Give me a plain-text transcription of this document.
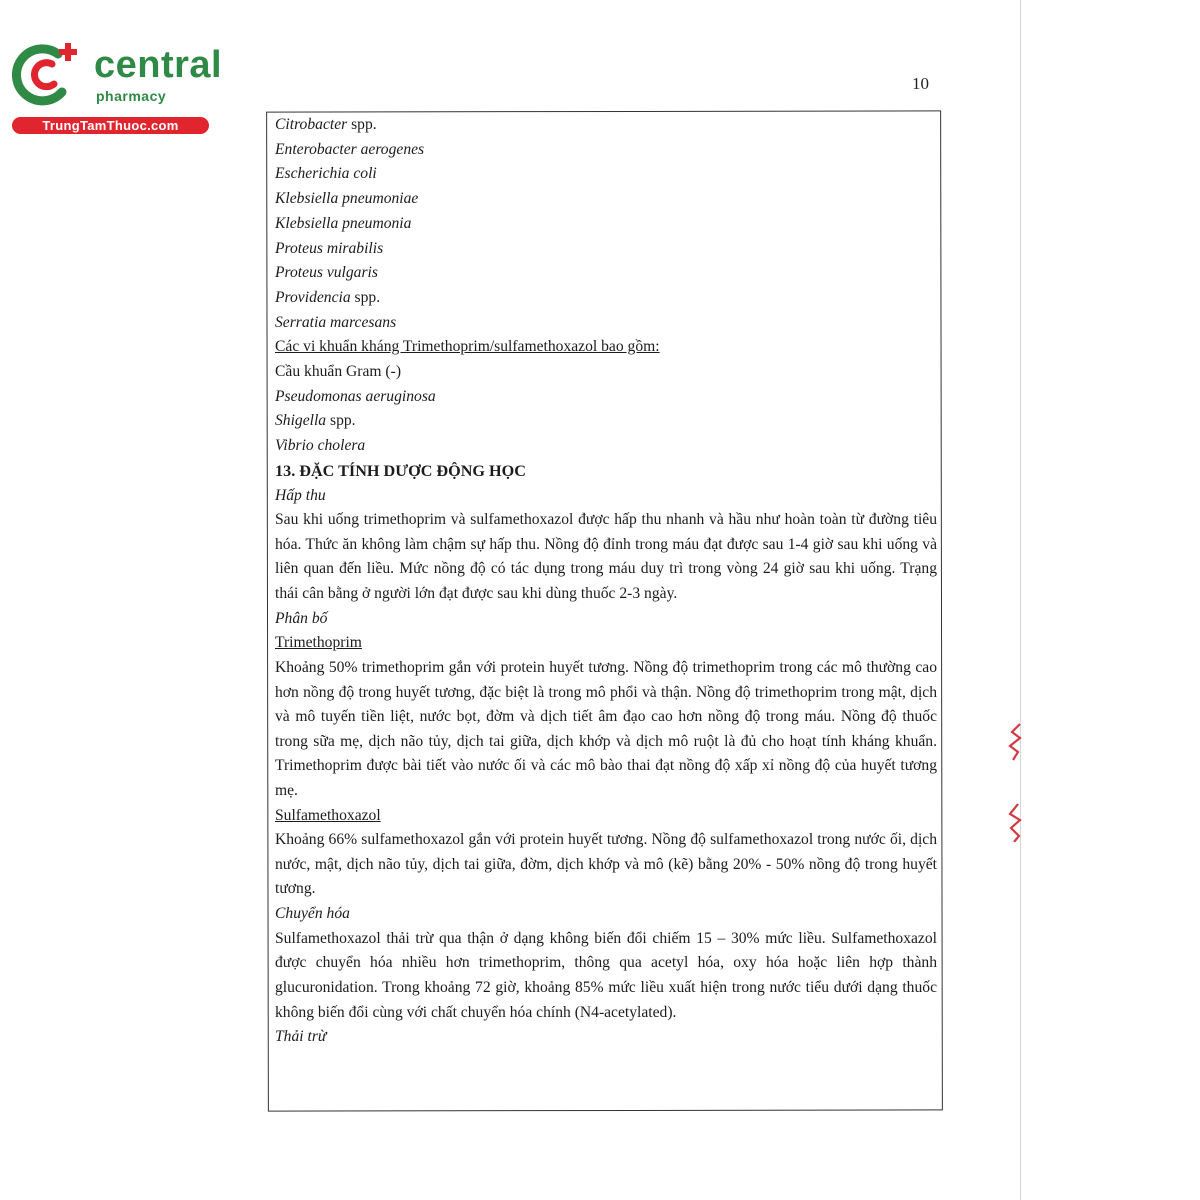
central
pharmacy
TrungTamThuoc.com
10
Citrobacter spp.
Enterobacter aerogenes
Escherichia coli
Klebsiella pneumoniae
Klebsiella pneumonia
Proteus mirabilis
Proteus vulgaris
Providencia spp.
Serratia marcesans
Các vi khuẩn kháng Trimethoprim/sulfamethoxazol bao gồm:
Cầu khuẩn Gram (-)
Pseudomonas aeruginosa
Shigella spp.
Vibrio cholera
13. ĐẶC TÍNH DƯỢC ĐỘNG HỌC
Hấp thu
Sau khi uống trimethoprim và sulfamethoxazol được hấp thu nhanh và hầu như hoàn toàn từ đường tiêu hóa. Thức ăn không làm chậm sự hấp thu. Nồng độ đỉnh trong máu đạt được sau 1-4 giờ sau khi uống và liên quan đến liều. Mức nồng độ có tác dụng trong máu duy trì trong vòng 24 giờ sau khi uống. Trạng thái cân bằng ở người lớn đạt được sau khi dùng thuốc 2-3 ngày.
Phân bố
Trimethoprim
Khoảng 50% trimethoprim gắn với protein huyết tương. Nồng độ trimethoprim trong các mô thường cao hơn nồng độ trong huyết tương, đặc biệt là trong mô phổi và thận. Nồng độ trimethoprim trong mật, dịch và mô tuyến tiền liệt, nước bọt, đờm và dịch tiết âm đạo cao hơn nồng độ trong máu. Nồng độ thuốc trong sữa mẹ, dịch não tủy, dịch tai giữa, dịch khớp và dịch mô ruột là đủ cho hoạt tính kháng khuẩn. Trimethoprim được bài tiết vào nước ối và các mô bào thai đạt nồng độ xấp xỉ nồng độ của huyết tương mẹ.
Sulfamethoxazol
Khoảng 66% sulfamethoxazol gắn với protein huyết tương. Nồng độ sulfamethoxazol trong nước ối, dịch nước, mật, dịch não tủy, dịch tai giữa, đờm, dịch khớp và mô (kẽ) bằng 20% - 50% nồng độ trong huyết tương.
Chuyển hóa
Sulfamethoxazol thải trừ qua thận ở dạng không biến đổi chiếm 15 – 30% mức liều. Sulfamethoxazol được chuyển hóa nhiều hơn trimethoprim, thông qua acetyl hóa, oxy hóa hoặc liên hợp thành glucuronidation. Trong khoảng 72 giờ, khoảng 85% mức liều xuất hiện trong nước tiểu dưới dạng thuốc không biến đổi cùng với chất chuyển hóa chính (N4-acetylated).
Thải trừ
